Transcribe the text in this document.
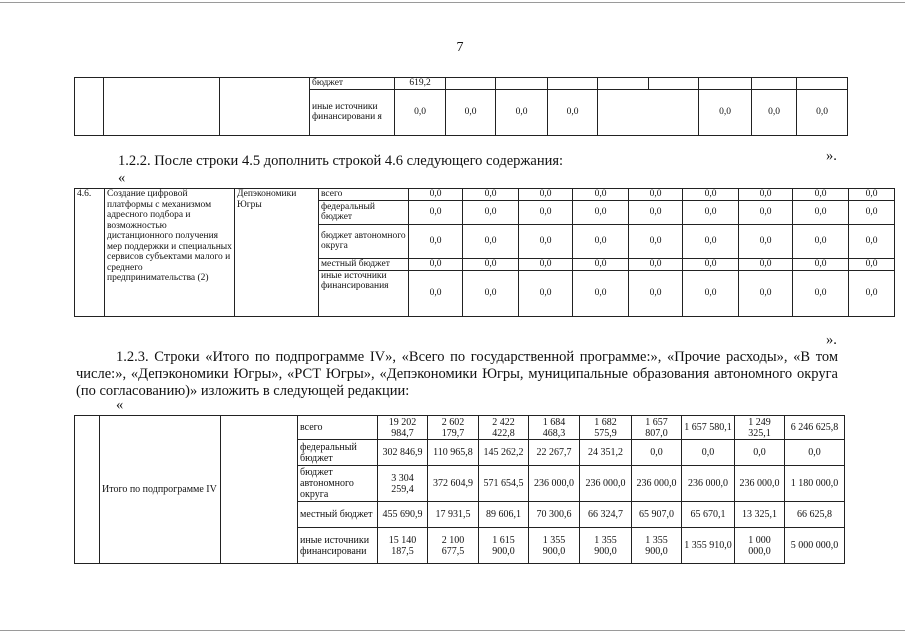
7
			бюджет	619,2								
			иные источники финансировани я	0,0	0,0	0,0	0,0			0,0	0,0	0,0

1.2.2. После строки 4.5 дополнить строкой 4.6 следующего содержания:

«
».
4.6.	Создание цифровой платформы с механизмом адресного подбора и возможностью дистанционного получения мер поддержки и специальных сервисов субъектами малого и среднего предпринимательства (2)	Депэкономики Югры	всего	0,0	0,0	0,0	0,0	0,0	0,0	0,0	0,0	0,0
			федеральный бюджет	0,0	0,0	0,0	0,0	0,0	0,0	0,0	0,0	0,0
			бюджет автономного округа	0,0	0,0	0,0	0,0	0,0	0,0	0,0	0,0	0,0
			местный бюджет	0,0	0,0	0,0	0,0	0,0	0,0	0,0	0,0	0,0
			иные источники финансирования	0,0	0,0	0,0	0,0	0,0	0,0	0,0	0,0	0,0
».

1.2.3. Строки «Итого по подпрограмме IV», «Всего по государственной программе:», «Прочие расходы», «В том числе:», «Депэкономики Югры», «РСТ Югры», «Депэкономики Югры, муниципальные образования автономного округа (по согласованию)» изложить в следующей редакции:

«
	Итого по подпрограмме IV		всего	19 202 984,7	2 602 179,7	2 422 422,8	1 684 468,3	1 682 575,9	1 657 807,0	1 657 580,1	1 249 325,1	6 246 625,8
			федеральный бюджет	302 846,9	110 965,8	145 262,2	22 267,7	24 351,2	0,0	0,0	0,0	0,0
			бюджет автономного округа	3 304 259,4	372 604,9	571 654,5	236 000,0	236 000,0	236 000,0	236 000,0	236 000,0	1 180 000,0
			местный бюджет	455 690,9	17 931,5	89 606,1	70 300,6	66 324,7	65 907,0	65 670,1	13 325,1	66 625,8
			иные источники финансировани	15 140 187,5	2 100 677,5	1 615 900,0	1 355 900,0	1 355 900,0	1 355 900,0	1 355 910,0	1 000 000,0	5 000 000,0
